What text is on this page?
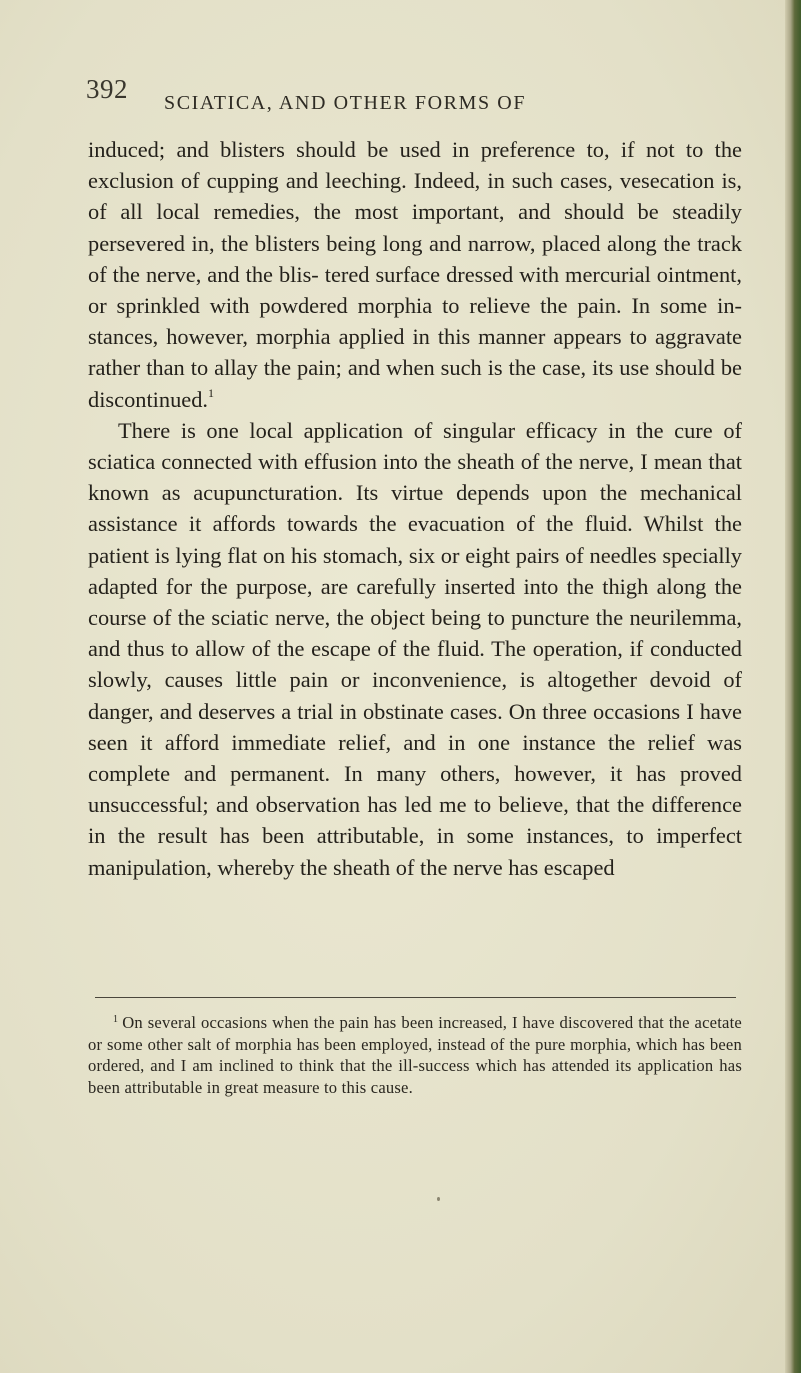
392 SCIATICA, AND OTHER FORMS OF

induced; and blisters should be used in preference to, if not to the exclusion of cupping and leeching. Indeed, in such cases, vesecation is, of all local remedies, the most important, and should be steadily persevered in, the blisters being long and narrow, placed along the track of the nerve, and the blis- tered surface dressed with mercurial ointment, or sprinkled with powdered morphia to relieve the pain. In some in- stances, however, morphia applied in this manner appears to aggravate rather than to allay the pain; and when such is the case, its use should be discontinued.$^1$

There is one local application of singular efficacy in the cure of sciatica connected with effusion into the sheath of the nerve, I mean that known as acupuncturation. Its virtue depends upon the mechanical assistance it affords towards the evacuation of the fluid. Whilst the patient is lying flat on his stomach, six or eight pairs of needles specially adapted for the purpose, are carefully inserted into the thigh along the course of the sciatic nerve, the object being to puncture the neurilemma, and thus to allow of the escape of the fluid. The operation, if conducted slowly, causes little pain or inconvenience, is altogether devoid of danger, and deserves a trial in obstinate cases. On three occasions I have seen it afford immediate relief, and in one instance the relief was complete and permanent. In many others, however, it has proved unsuccessful; and observation has led me to believe, that the difference in the result has been attributable, in some instances, to imperfect manipulation, whereby the sheath of the nerve has escaped

$^1$ On several occasions when the pain has been increased, I have discovered that the acetate or some other salt of morphia has been employed, instead of the pure morphia, which has been ordered, and I am inclined to think that the ill-success which has attended its application has been attributable in great measure to this cause.
